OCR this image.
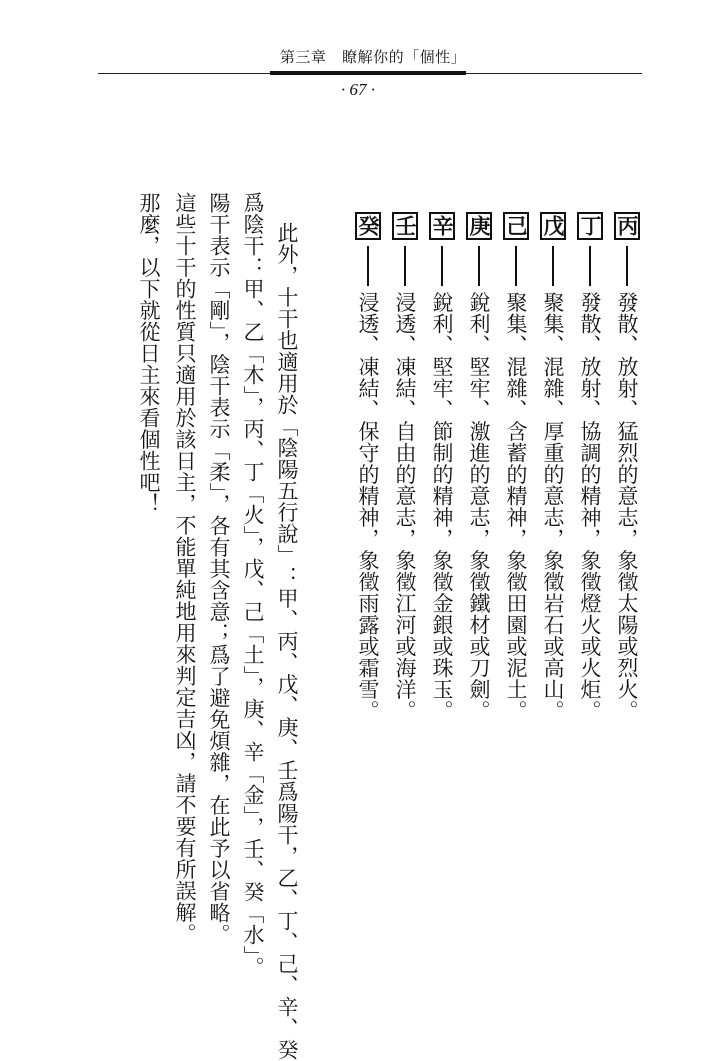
第三章 瞭解你的「個性」
· 67 ·
丙發散、放射、猛烈的意志，象徵太陽或烈火。
丁發散、放射、協調的精神，象徵燈火或火炬。
戊聚集、混雜、厚重的意志，象徵岩石或高山。
己聚集、混雜、含蓄的精神，象徵田園或泥土。
庚銳利、堅牢、激進的意志，象徵鐵材或刀劍。
辛銳利、堅牢、節制的精神，象徵金銀或珠玉。
壬浸透、凍結、自由的意志，象徵江河或海洋。
癸浸透、凍結、保守的精神，象徵雨露或霜雪。
此外，十干也適用於「陰陽五行說」：甲、丙、戊、庚、壬爲陽干，乙、丁、己、辛、癸
爲陰干：甲、乙「木」，丙、丁「火」，戊、己「土」，庚、辛「金」，壬、癸「水」。
陽干表示「剛」，陰干表示「柔」，各有其含意；爲了避免煩雜，在此予以省略。
這些十干的性質只適用於該日主，不能單純地用來判定吉凶，請不要有所誤解。
那麼，以下就從日主來看個性吧！
